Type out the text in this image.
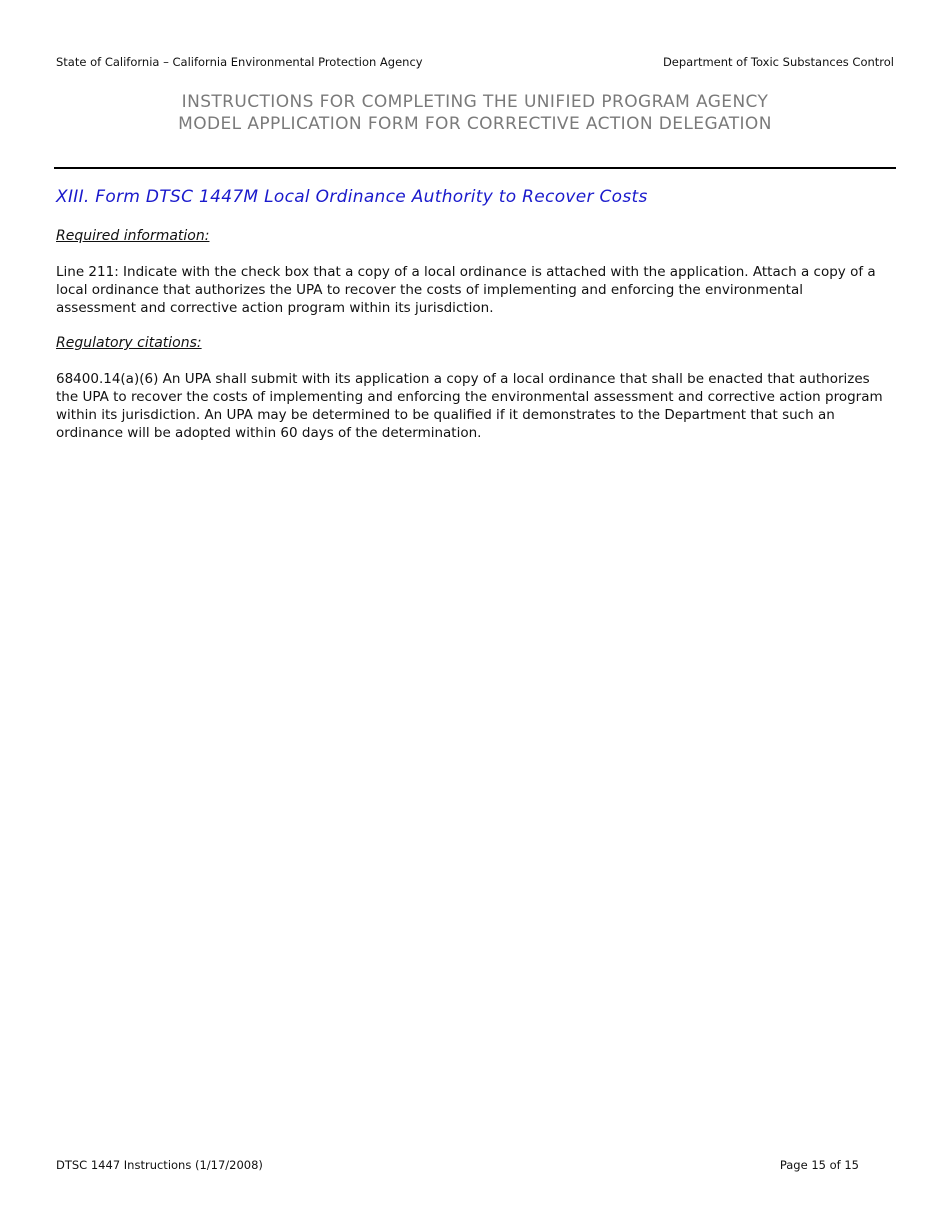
State of California – California Environmental Protection Agency	Department of Toxic Substances Control
INSTRUCTIONS FOR COMPLETING THE UNIFIED PROGRAM AGENCY
MODEL APPLICATION FORM FOR CORRECTIVE ACTION DELEGATION
XIII. Form DTSC 1447M Local Ordinance Authority to Recover Costs
Required information:
Line 211: Indicate with the check box that a copy of a local ordinance is attached with the application. Attach a copy of a
local ordinance that authorizes the UPA to recover the costs of implementing and enforcing the environmental
assessment and corrective action program within its jurisdiction.
Regulatory citations:
68400.14(a)(6) An UPA shall submit with its application a copy of a local ordinance that shall be enacted that authorizes
the UPA to recover the costs of implementing and enforcing the environmental assessment and corrective action program
within its jurisdiction. An UPA may be determined to be qualified if it demonstrates to the Department that such an
ordinance will be adopted within 60 days of the determination.
DTSC 1447 Instructions (1/17/2008)	Page 15 of 15
